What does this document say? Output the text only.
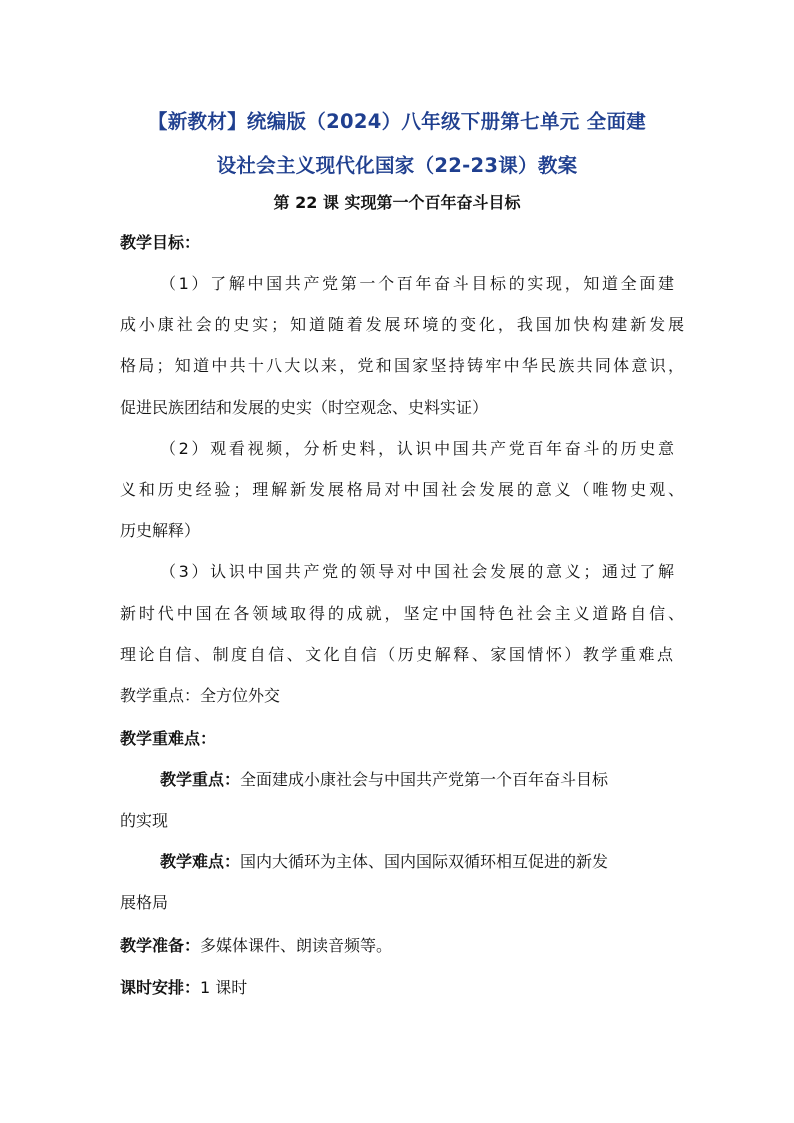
【新教材】统编版（2024）八年级下册第七单元 全面建
设社会主义现代化国家（22-23课）教案
第 22 课 实现第一个百年奋斗目标
教学目标：
（1）了解中国共产党第一个百年奋斗目标的实现，知道全面建
成小康社会的史实；知道随着发展环境的变化，我国加快构建新发展
格局；知道中共十八大以来，党和国家坚持铸牢中华民族共同体意识，
促进民族团结和发展的史实（时空观念、史料实证）
（2）观看视频，分析史料，认识中国共产党百年奋斗的历史意
义和历史经验；理解新发展格局对中国社会发展的意义（唯物史观、
历史解释）
（3）认识中国共产党的领导对中国社会发展的意义；通过了解
新时代中国在各领域取得的成就，坚定中国特色社会主义道路自信、
理论自信、制度自信、文化自信（历史解释、家国情怀）教学重难点
教学重点：全方位外交
教学重难点：
教学重点：全面建成小康社会与中国共产党第一个百年奋斗目标
的实现
教学难点：国内大循环为主体、国内国际双循环相互促进的新发
展格局
教学准备：多媒体课件、朗读音频等。
课时安排：1 课时
